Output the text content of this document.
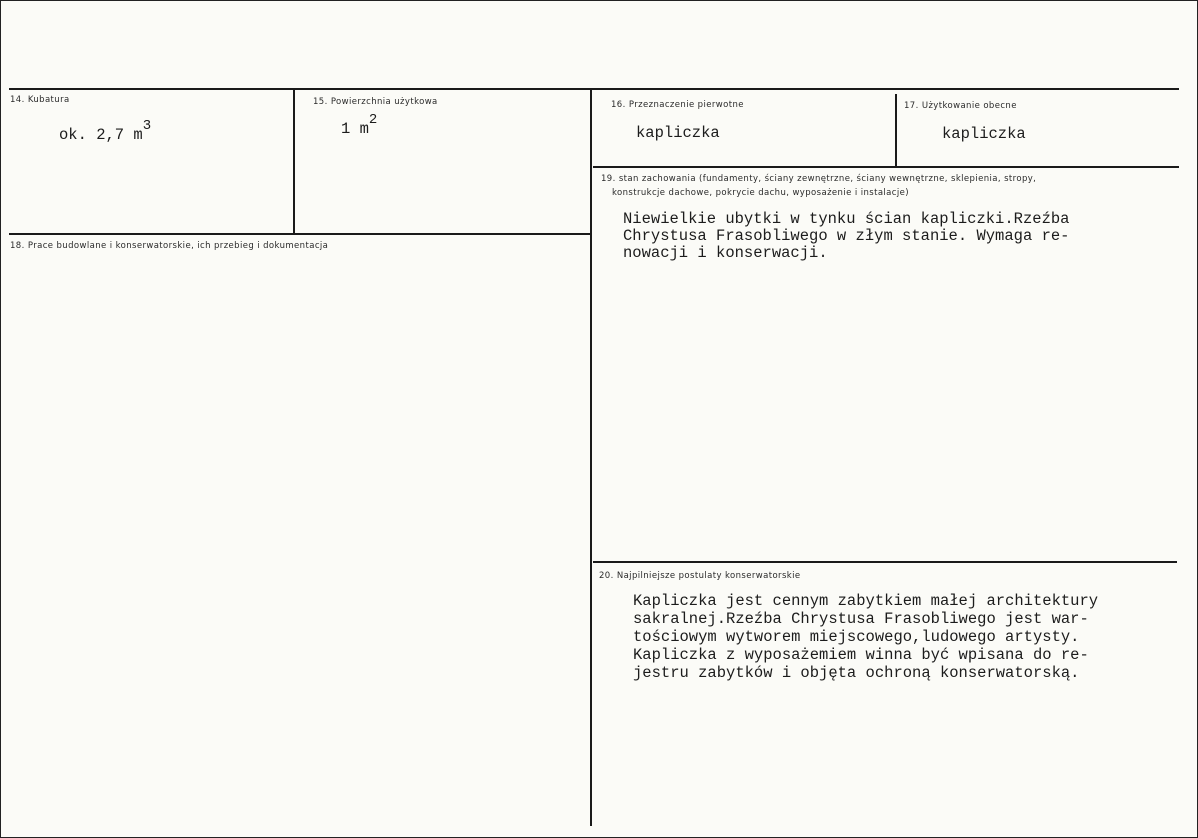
14. Kubatura
ok. 2,7 m3
15. Powierzchnia użytkowa
1 m2
16. Przeznaczenie pierwotne
kapliczka
17. Użytkowanie obecne
kapliczka
18. Prace budowlane i konserwatorskie, ich przebieg i dokumentacja
19. stan zachowania (fundamenty, ściany zewnętrzne, ściany wewnętrzne, sklepienia, stropy,
konstrukcje dachowe, pokrycie dachu, wyposażenie i instalacje)
Niewielkie ubytki w tynku ścian kapliczki.Rzeźba
Chrystusa Frasobliwego w złym stanie. Wymaga re-
nowacji i konserwacji.
20. Najpilniejsze postulaty konserwatorskie
Kapliczka jest cennym zabytkiem małej architektury
sakralnej.Rzeźba Chrystusa Frasobliwego jest war-
tościowym wytworem miejscowego,ludowego artysty.
Kapliczka z wyposażemiem winna być wpisana do re-
jestru zabytków i objęta ochroną konserwatorską.
